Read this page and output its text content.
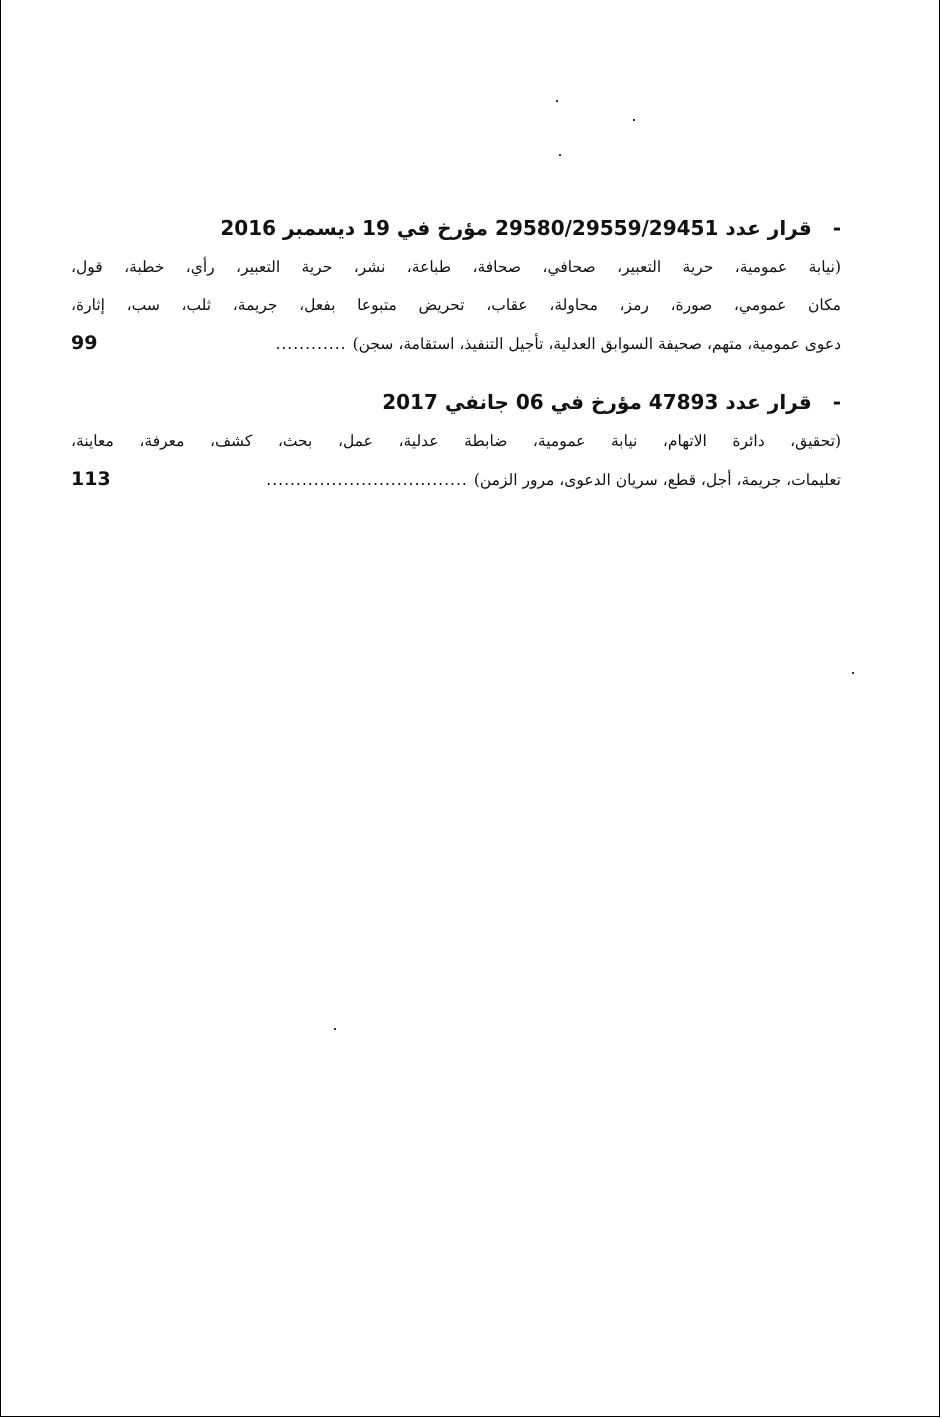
- قرار عدد 29580/29559/29451 مؤرخ في 19 ديسمبر 2016
(نيابة عمومية، حرية التعبير، صحافي، صحافة، طباعة، نشر، حرية التعبير، رأي، خطبة، قول،
مكان عمومي، صورة، رمز، محاولة، عقاب، تحريض متبوعا بفعل، جريمة، ثلب، سب، إثارة،
دعوى عمومية، متهم، صحيفة السوابق العدلية، تأجيل التنفيذ، استقامة، سجن)
............
99
- قرار عدد 47893 مؤرخ في 06 جانفي 2017
(تحقيق، دائرة الاتهام، نيابة عمومية، ضابطة عدلية، عمل، بحث، كشف، معرفة، معاينة،
تعليمات، جريمة، أجل، قطع، سريان الدعوى، مرور الزمن)
..................................
113
